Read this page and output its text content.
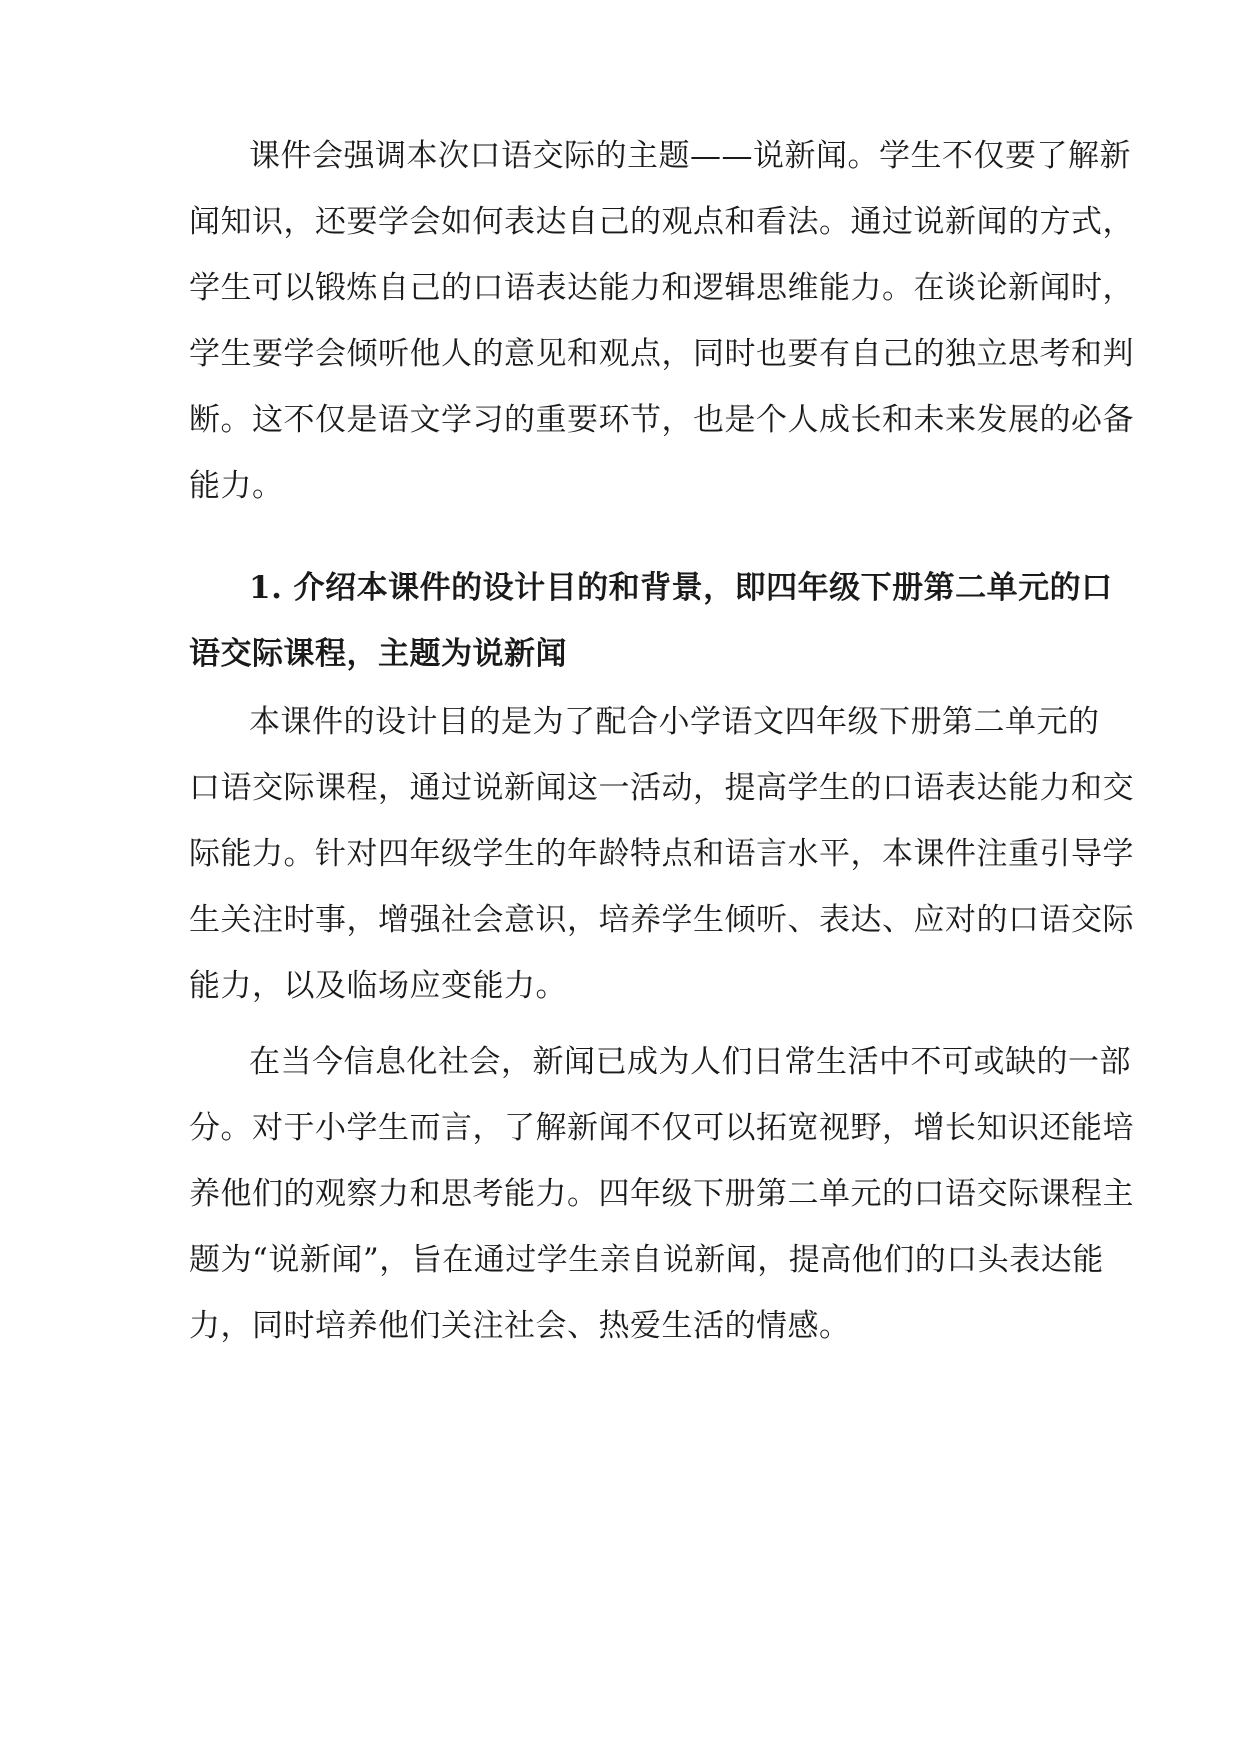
课件会强调本次口语交际的主题——说新闻。学生不仅要了解新
闻知识，还要学会如何表达自己的观点和看法。通过说新闻的方式，
学生可以锻炼自己的口语表达能力和逻辑思维能力。在谈论新闻时，
学生要学会倾听他人的意见和观点，同时也要有自己的独立思考和判
断。这不仅是语文学习的重要环节，也是个人成长和未来发展的必备
能力。
1. 介绍本课件的设计目的和背景，即四年级下册第二单元的口
语交际课程，主题为说新闻
本课件的设计目的是为了配合小学语文四年级下册第二单元的
口语交际课程，通过说新闻这一活动，提高学生的口语表达能力和交
际能力。针对四年级学生的年龄特点和语言水平，本课件注重引导学
生关注时事，增强社会意识，培养学生倾听、表达、应对的口语交际
能力，以及临场应变能力。
在当今信息化社会，新闻已成为人们日常生活中不可或缺的一部
分。对于小学生而言，了解新闻不仅可以拓宽视野，增长知识还能培
养他们的观察力和思考能力。四年级下册第二单元的口语交际课程主
题为“说新闻”，旨在通过学生亲自说新闻，提高他们的口头表达能
力，同时培养他们关注社会、热爱生活的情感。
